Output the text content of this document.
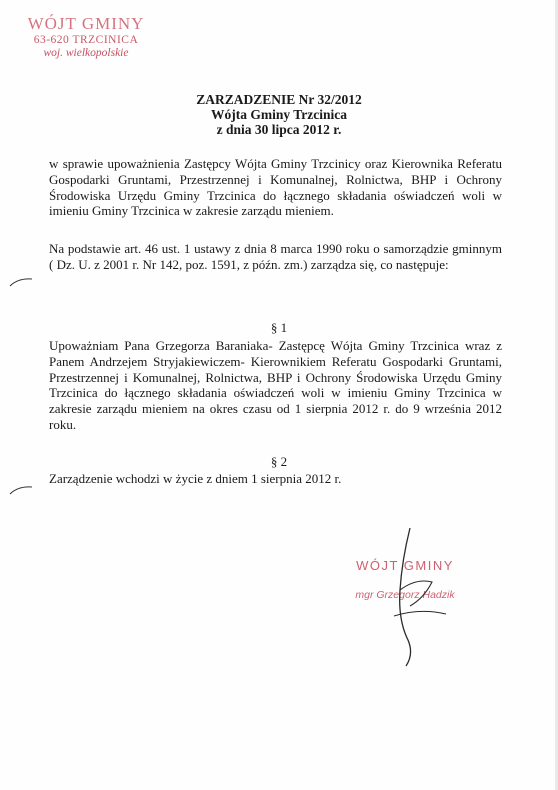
WÓJT GMINY
63-620 TRZCINICA
woj. wielkopolskie
ZARZADZENIE Nr 32/2012
Wójta Gminy Trzcinica
z dnia 30 lipca 2012 r.
w sprawie upoważnienia Zastępcy Wójta Gminy Trzcinicy oraz Kierownika Referatu Gospodarki Gruntami, Przestrzennej i Komunalnej, Rolnictwa, BHP i Ochrony Środowiska Urzędu Gminy Trzcinica do łącznego składania oświadczeń woli w imieniu Gminy Trzcinica w zakresie zarządu mieniem.
Na podstawie art. 46 ust. 1 ustawy z dnia 8 marca 1990 roku o samorządzie gminnym ( Dz. U. z 2001 r. Nr 142, poz. 1591, z późn. zm.) zarządza się, co następuje:
§ 1
Upoważniam Pana Grzegorza Baraniaka- Zastępcę Wójta Gminy Trzcinica wraz z Panem Andrzejem Stryjakiewiczem- Kierownikiem Referatu Gospodarki Gruntami, Przestrzennej i Komunalnej, Rolnictwa, BHP i Ochrony Środowiska Urzędu Gminy Trzcinica do łącznego składania oświadczeń woli w imieniu Gminy Trzcinica w zakresie zarządu mieniem na okres czasu od 1 sierpnia 2012 r. do 9 września 2012 roku.
§ 2
Zarządzenie wchodzi w życie z dniem 1 sierpnia 2012 r.
WÓJT GMINY
mgr Grzegorz Hadzik
